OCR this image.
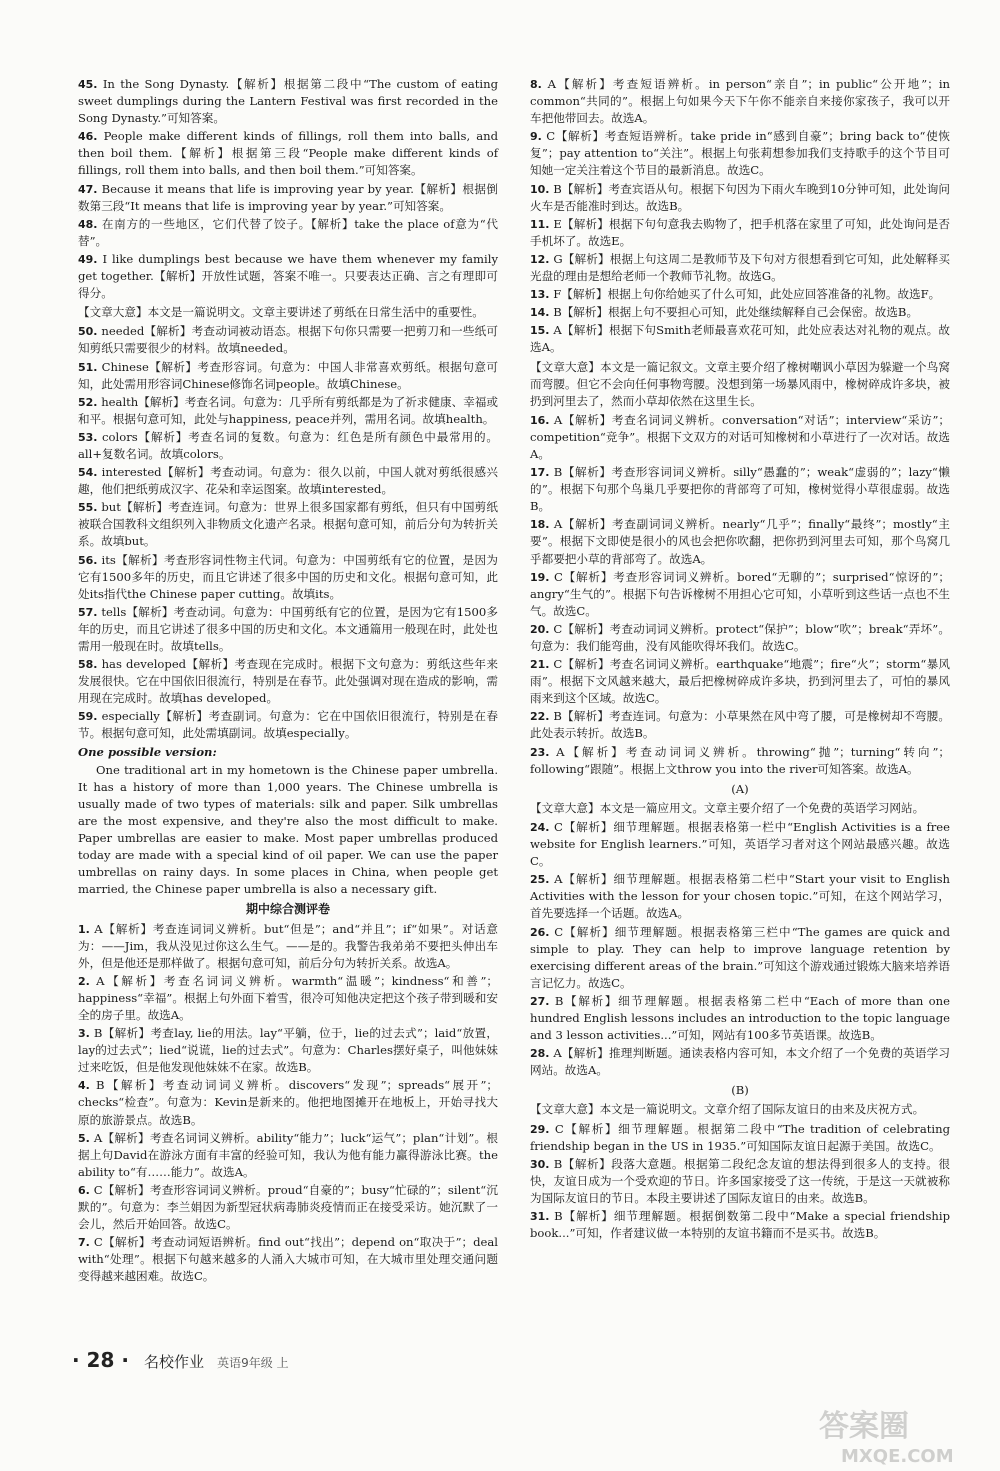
45. In the Song Dynasty.【解析】根据第二段中“The custom of eating sweet dumplings during the Lantern Festival was first recorded in the Song Dynasty.”可知答案。
46. People make different kinds of fillings, roll them into balls, and then boil them.【解析】根据第三段“People make different kinds of fillings, roll them into balls, and then boil them.”可知答案。
47. Because it means that life is improving year by year.【解析】根据倒数第三段“It means that life is improving year by year.”可知答案。
48. 在南方的一些地区，它们代替了饺子。【解析】take the place of意为“代替”。
49. I like dumplings best because we have them whenever my family get together.【解析】开放性试题，答案不唯一。只要表达正确、言之有理即可得分。
【文章大意】本文是一篇说明文。文章主要讲述了剪纸在日常生活中的重要性。
50. needed【解析】考查动词被动语态。根据下句你只需要一把剪刀和一些纸可知剪纸只需要很少的材料。故填needed。
51. Chinese【解析】考查形容词。句意为：中国人非常喜欢剪纸。根据句意可知，此处需用形容词Chinese修饰名词people。故填Chinese。
52. health【解析】考查名词。句意为：几乎所有剪纸都是为了祈求健康、幸福或和平。根据句意可知，此处与happiness, peace并列，需用名词。故填health。
53. colors【解析】考查名词的复数。句意为：红色是所有颜色中最常用的。all+复数名词。故填colors。
54. interested【解析】考查动词。句意为：很久以前，中国人就对剪纸很感兴趣，他们把纸剪成汉字、花朵和幸运图案。故填interested。
55. but【解析】考查连词。句意为：世界上很多国家都有剪纸，但只有中国剪纸被联合国教科文组织列入非物质文化遗产名录。根据句意可知，前后分句为转折关系。故填but。
56. its【解析】考查形容词性物主代词。句意为：中国剪纸有它的位置，是因为它有1500多年的历史，而且它讲述了很多中国的历史和文化。根据句意可知，此处its指代the Chinese paper cutting。故填its。
57. tells【解析】考查动词。句意为：中国剪纸有它的位置，是因为它有1500多年的历史，而且它讲述了很多中国的历史和文化。本文通篇用一般现在时，此处也需用一般现在时。故填tells。
58. has developed【解析】考查现在完成时。根据下文句意为：剪纸这些年来发展很快。它在中国依旧很流行，特别是在春节。此处强调对现在造成的影响，需用现在完成时。故填has developed。
59. especially【解析】考查副词。句意为：它在中国依旧很流行，特别是在春节。根据句意可知，此处需填副词。故填especially。
One possible version:

One traditional art in my hometown is the Chinese paper umbrella. It has a history of more than 1,000 years. The Chinese umbrella is usually made of two types of materials: silk and paper. Silk umbrellas are the most expensive, and they're also the most difficult to make. Paper umbrellas are easier to make. Most paper umbrellas produced today are made with a special kind of oil paper. We can use the paper umbrellas on rainy days. In some places in China, when people get married, the Chinese paper umbrella is also a necessary gift.

期中综合测评卷
1. A【解析】考查连词词义辨析。but“但是”；and“并且”；if“如果”。对话意为：——Jim，我从没见过你这么生气。——是的。我警告我弟弟不要把头伸出车外，但是他还是那样做了。根据句意可知，前后分句为转折关系。故选A。
2. A【解析】考查名词词义辨析。warmth“温暖”；kindness“和善”；happiness“幸福”。根据上句外面下着雪，很冷可知他决定把这个孩子带到暖和安全的房子里。故选A。
3. B【解析】考查lay, lie的用法。lay“平躺，位于，lie的过去式”；laid“放置，lay的过去式”；lied“说谎，lie的过去式”。句意为：Charles摆好桌子，叫他妹妹过来吃饭，但是他发现他妹妹不在家。故选B。
4. B【解析】考查动词词义辨析。discovers“发现”；spreads“展开”；checks“检查”。句意为：Kevin是新来的。他把地图摊开在地板上，开始寻找大原的旅游景点。故选B。
5. A【解析】考查名词词义辨析。ability“能力”；luck“运气”；plan“计划”。根据上句David在游泳方面有丰富的经验可知，我认为他有能力赢得游泳比赛。the ability to“有……能力”。故选A。
6. C【解析】考查形容词词义辨析。proud“自豪的”；busy“忙碌的”；silent“沉默的”。句意为：李兰娟因为新型冠状病毒肺炎疫情而正在接受采访。她沉默了一会儿，然后开始回答。故选C。
7. C【解析】考查动词短语辨析。find out“找出”；depend on“取决于”；deal with“处理”。根据下句越来越多的人涌入大城市可知，在大城市里处理交通问题变得越来越困难。故选C。
8. A【解析】考查短语辨析。in person“亲自”；in public“公开地”；in common“共同的”。根据上句如果今天下午你不能亲自来接你家孩子，我可以开车把他带回去。故选A。
9. C【解析】考查短语辨析。take pride in“感到自豪”；bring back to“使恢复”；pay attention to“关注”。根据上句张莉想参加我们支持歌手的这个节目可知她一定关注着这个节目的最新消息。故选C。
10. B【解析】考查宾语从句。根据下句因为下雨火车晚到10分钟可知，此处询问火车是否能准时到达。故选B。
11. E【解析】根据下句句意我去购物了，把手机落在家里了可知，此处询问是否手机坏了。故选E。
12. G【解析】根据上句这周二是教师节及下句对方很想看到它可知，此处解释买光盘的理由是想给老师一个教师节礼物。故选G。
13. F【解析】根据上句你给她买了什么可知，此处应回答准备的礼物。故选F。
14. B【解析】根据上句不要担心可知，此处继续解释自己会保密。故选B。
15. A【解析】根据下句Smith老师最喜欢花可知，此处应表达对礼物的观点。故选A。
【文章大意】本文是一篇记叙文。文章主要介绍了橡树嘲讽小草因为躲避一个鸟窝而弯腰。但它不会向任何事物弯腰。没想到第一场暴风雨中，橡树碎成许多块，被扔到河里去了，然而小草却依然在这里生长。
16. A【解析】考查名词词义辨析。conversation“对话”；interview“采访”；competition“竞争”。根据下文双方的对话可知橡树和小草进行了一次对话。故选A。
17. B【解析】考查形容词词义辨析。silly“愚蠢的”；weak“虚弱的”；lazy“懒的”。根据下句那个鸟巢几乎要把你的背部弯了可知，橡树觉得小草很虚弱。故选B。
18. A【解析】考查副词词义辨析。nearly“几乎”；finally“最终”；mostly“主要”。根据下文即使是很小的风也会把你吹翻，把你扔到河里去可知，那个鸟窝几乎都要把小草的背部弯了。故选A。
19. C【解析】考查形容词词义辨析。bored“无聊的”；surprised“惊讶的”；angry“生气的”。根据下句告诉橡树不用担心它可知，小草听到这些话一点也不生气。故选C。
20. C【解析】考查动词词义辨析。protect“保护”；blow“吹”；break“弄坏”。句意为：我们能弯曲，没有风能吹得坏我们。故选C。
21. C【解析】考查名词词义辨析。earthquake“地震”；fire“火”；storm“暴风雨”。根据下文风越来越大，最后把橡树碎成许多块，扔到河里去了，可怕的暴风雨来到这个区域。故选C。
22. B【解析】考查连词。句意为：小草果然在风中弯了腰，可是橡树却不弯腰。此处表示转折。故选B。
23. A【解析】考查动词词义辨析。throwing“抛”；turning“转向”；following“跟随”。根据上文throw you into the river可知答案。故选A。
(A)
【文章大意】本文是一篇应用文。文章主要介绍了一个免费的英语学习网站。
24. C【解析】细节理解题。根据表格第一栏中“English Activities is a free website for English learners.”可知，英语学习者对这个网站最感兴趣。故选C。
25. A【解析】细节理解题。根据表格第二栏中“Start your visit to English Activities with the lesson for your chosen topic.”可知，在这个网站学习，首先要选择一个话题。故选A。
26. C【解析】细节理解题。根据表格第三栏中“The games are quick and simple to play. They can help to improve language retention by exercising different areas of the brain.”可知这个游戏通过锻炼大脑来培养语言记忆力。故选C。
27. B【解析】细节理解题。根据表格第二栏中“Each of more than one hundred English lessons includes an introduction to the topic language and 3 lesson activities...”可知，网站有100多节英语课。故选B。
28. A【解析】推理判断题。通读表格内容可知，本文介绍了一个免费的英语学习网站。故选A。
(B)
【文章大意】本文是一篇说明文。文章介绍了国际友谊日的由来及庆祝方式。
29. C【解析】细节理解题。根据第二段中“The tradition of celebrating friendship began in the US in 1935.”可知国际友谊日起源于美国。故选C。
30. B【解析】段落大意题。根据第二段纪念友谊的想法得到很多人的支持。很快，友谊日成为一个受欢迎的节日。许多国家接受了这一传统，于是这一天就被称为国际友谊日的节日。本段主要讲述了国际友谊日的由来。故选B。
31. B【解析】细节理解题。根据倒数第二段中“Make a special friendship book...”可知，作者建议做一本特别的友谊书籍而不是买书。故选B。
· 28 · 名校作业 英语9年级 上
答案圈
MXQE.COM
